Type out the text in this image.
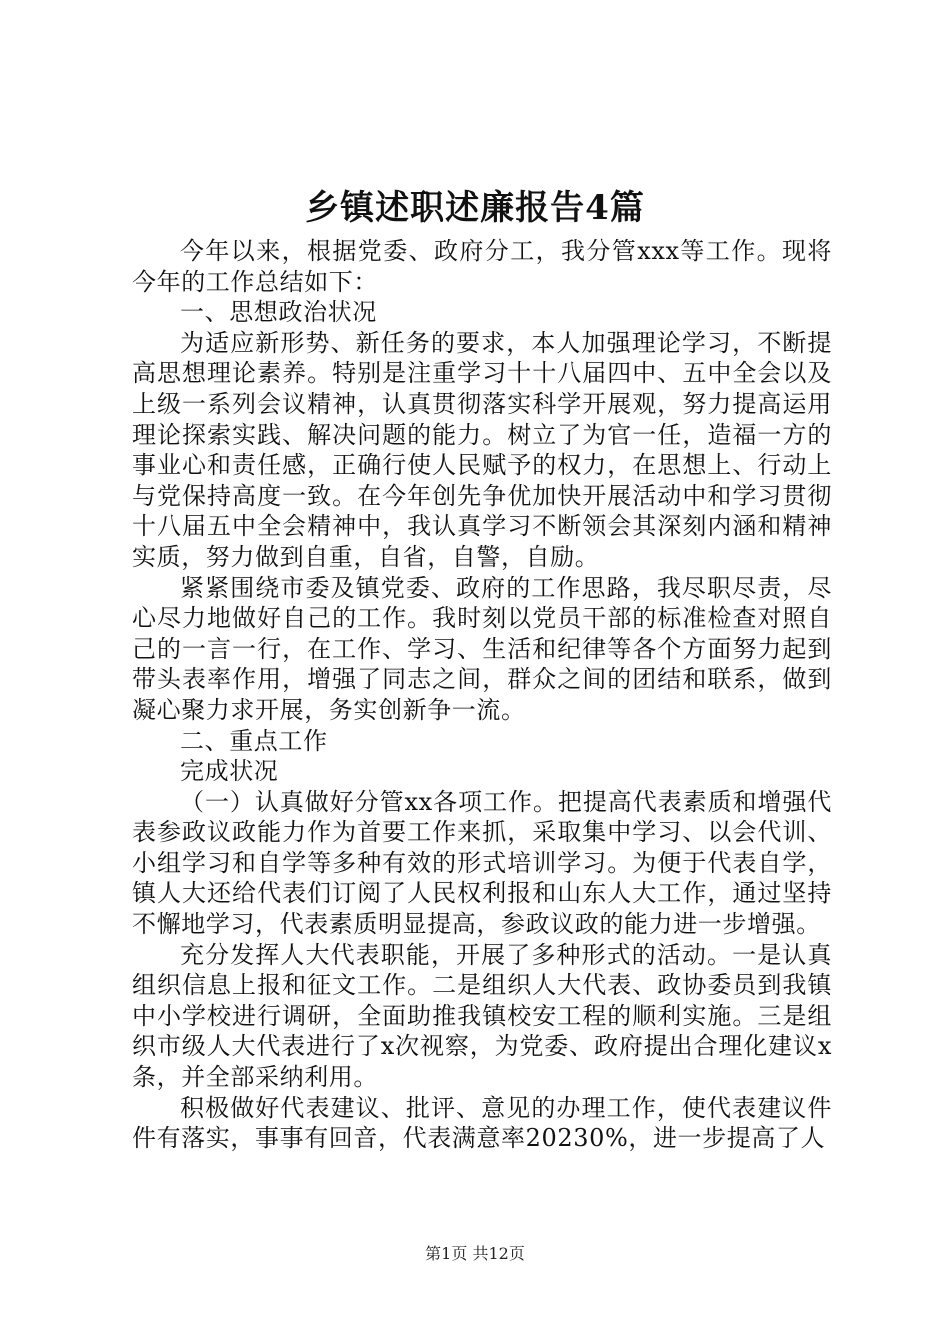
乡镇述职述廉报告4篇

今年以来，根据党委、政府分工，我分管xxx等工作。现将今年的工作总结如下：

一、思想政治状况

为适应新形势、新任务的要求，本人加强理论学习，不断提高思想理论素养。特别是注重学习十十八届四中、五中全会以及上级一系列会议精神，认真贯彻落实科学开展观，努力提高运用理论探索实践、解决问题的能力。树立了为官一任，造福一方的事业心和责任感，正确行使人民赋予的权力，在思想上、行动上与党保持高度一致。在今年创先争优加快开展活动中和学习贯彻十八届五中全会精神中，我认真学习不断领会其深刻内涵和精神实质，努力做到自重，自省，自警，自励。

紧紧围绕市委及镇党委、政府的工作思路，我尽职尽责，尽心尽力地做好自己的工作。我时刻以党员干部的标准检查对照自己的一言一行，在工作、学习、生活和纪律等各个方面努力起到带头表率作用，增强了同志之间，群众之间的团结和联系，做到凝心聚力求开展，务实创新争一流。

二、重点工作

完成状况

（一）认真做好分管xx各项工作。把提高代表素质和增强代表参政议政能力作为首要工作来抓，采取集中学习、以会代训、小组学习和自学等多种有效的形式培训学习。为便于代表自学，镇人大还给代表们订阅了人民权利报和山东人大工作，通过坚持不懈地学习，代表素质明显提高，参政议政的能力进一步增强。

充分发挥人大代表职能，开展了多种形式的活动。一是认真组织信息上报和征文工作。二是组织人大代表、政协委员到我镇中小学校进行调研，全面助推我镇校安工程的顺利实施。三是组织市级人大代表进行了x次视察，为党委、政府提出合理化建议x条，并全部采纳利用。

积极做好代表建议、批评、意见的办理工作，使代表建议件件有落实，事事有回音，代表满意率20230%，进一步提高了人

第1页 共12页
